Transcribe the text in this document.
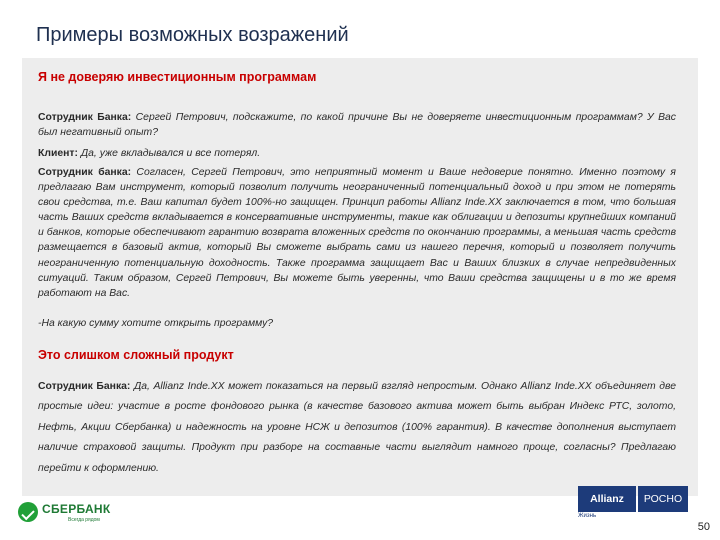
Примеры возможных возражений
Я не доверяю инвестиционным программам
Сотрудник Банка: Сергей Петрович, подскажите, по какой причине Вы не доверяете инвестиционным программам? У Вас был негативный опыт?
Клиент: Да, уже вкладывался и все потерял.
Сотрудник банка: Согласен, Сергей Петрович, это неприятный момент и Ваше недоверие понятно. Именно поэтому я предлагаю Вам инструмент, который позволит получить неограниченный потенциальный доход и при этом не потерять свои средства, т.е. Ваш капитал будет 100%-но защищен. Принцип работы Allianz Inde.XX заключается в том, что большая часть Ваших средств вкладывается в консервативные инструменты, такие как облигации и депозиты крупнейших компаний и банков, которые обеспечивают гарантию возврата вложенных средств по окончанию программы, а меньшая часть средств размещается в базовый актив, который Вы сможете выбрать сами из нашего перечня, который и позволяет получить неограниченную потенциальную доходность. Также программа защищает Вас и Ваших близких в случае непредвиденных ситуаций. Таким образом, Сергей Петрович, Вы можете быть уверенны, что Ваши средства защищены и в то же время работают на Вас.
-На какую сумму хотите открыть программу?
Это слишком сложный продукт
Сотрудник Банка: Да, Allianz Inde.XX может показаться на первый взгляд непростым. Однако Allianz Inde.XX объединяет две простые идеи: участие в росте фондового рынка (в качестве базового актива может быть выбран Индекс РТС, золото, Нефть, Акции Сбербанка) и надежность на уровне НСЖ и депозитов (100% гарантия). В качестве дополнения выступает наличие страховой защиты. Продукт при разборе на составные части выглядит намного проще, согласны? Предлагаю перейти к оформлению.
СБЕРБАНК
Всегда рядом
Allianz	РОСНО
Жизнь
50
